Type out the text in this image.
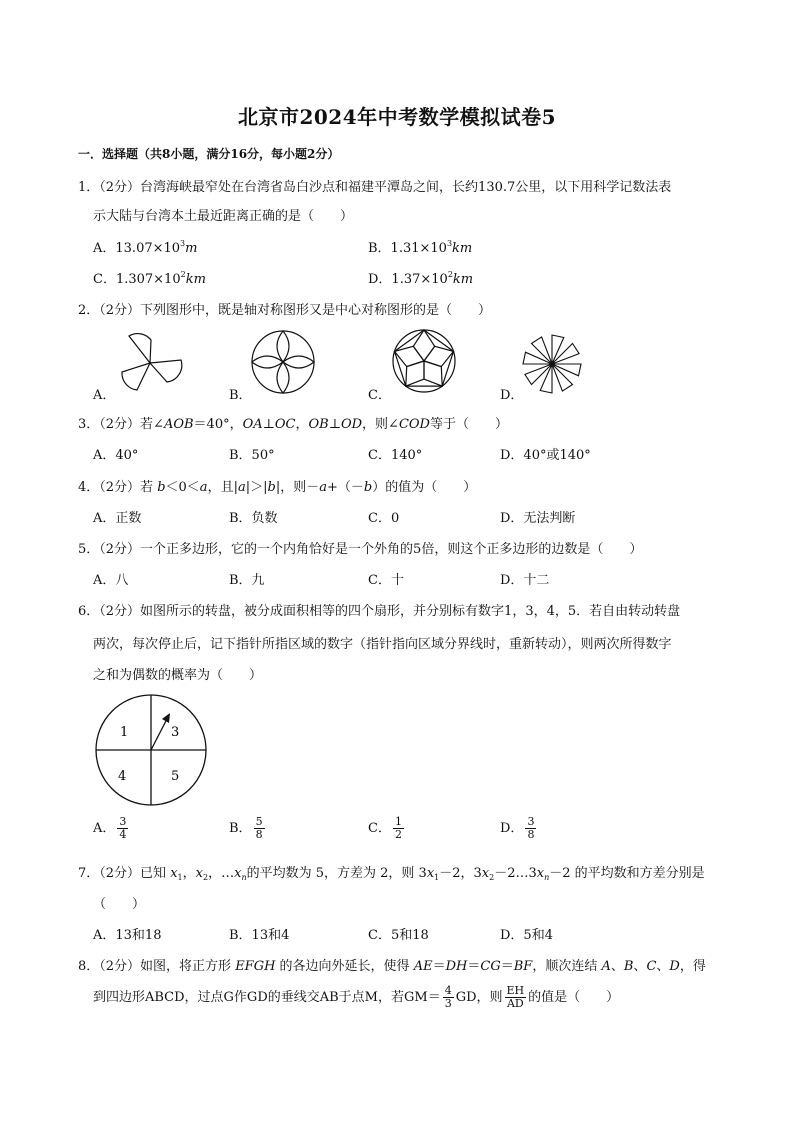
北京市2024年中考数学模拟试卷5
一．选择题（共8小题，满分16分，每小题2分）
1．（2分）台湾海峡最窄处在台湾省岛白沙点和福建平潭岛之间，长约130.7公里，以下用科学记数法表
示大陆与台湾本土最近距离正确的是（　　）
A．$13.07\times 10^3m$	B．$1.31\times 10^3km$
C．$1.307\times 10^2km$	D．$1.37\times 10^2km$
2．（2分）下列图形中，既是轴对称图形又是中心对称图形的是（　　）
A．	B．	C．	D．
3．（2分）若∠AOB＝40°，OA⊥OC，OB⊥OD，则∠COD等于（　　）
A．40°	B．50°	C．140°	D．40°或140°
4．（2分）若 b＜0＜a，且|a|＞|b|，则－a+（－b）的值为（　　）
A．正数	B．负数	C．0	D．无法判断
5．（2分）一个正多边形，它的一个内角恰好是一个外角的5倍，则这个正多边形的边数是（　　）
A．八	B．九	C．十	D．十二
6．（2分）如图所示的转盘，被分成面积相等的四个扇形，并分别标有数字1，3，4，5．若自由转动转盘
两次，每次停止后，记下指针所指区域的数字（指针指向区域分界线时，重新转动），则两次所得数字
之和为偶数的概率为（　　）
1	3
4	5
A． $\frac{3}{4}$	B． $\frac{5}{8}$	C． $\frac{1}{2}$	D． $\frac{3}{8}$
7．（2分）已知 $x_1$，$x_2$，$\dots x_n$的平均数为 5，方差为 2，则 $3x_1-2$，$3x_2-2\dots 3x_n-2$ 的平均数和方差分别是
（　　）
A．13和18	B．13和4	C．5和18	D．5和4
8．（2分）如图，将正方形 EFGH 的各边向外延长，使得 AE＝DH＝CG＝BF，顺次连结 A、B、C、D，得
到四边形ABCD，过点G作GD的垂线交AB于点M，若$GM= \frac{4}{3}$ GD，则 $\frac{EH}{AD}$ 的值是（　　）
